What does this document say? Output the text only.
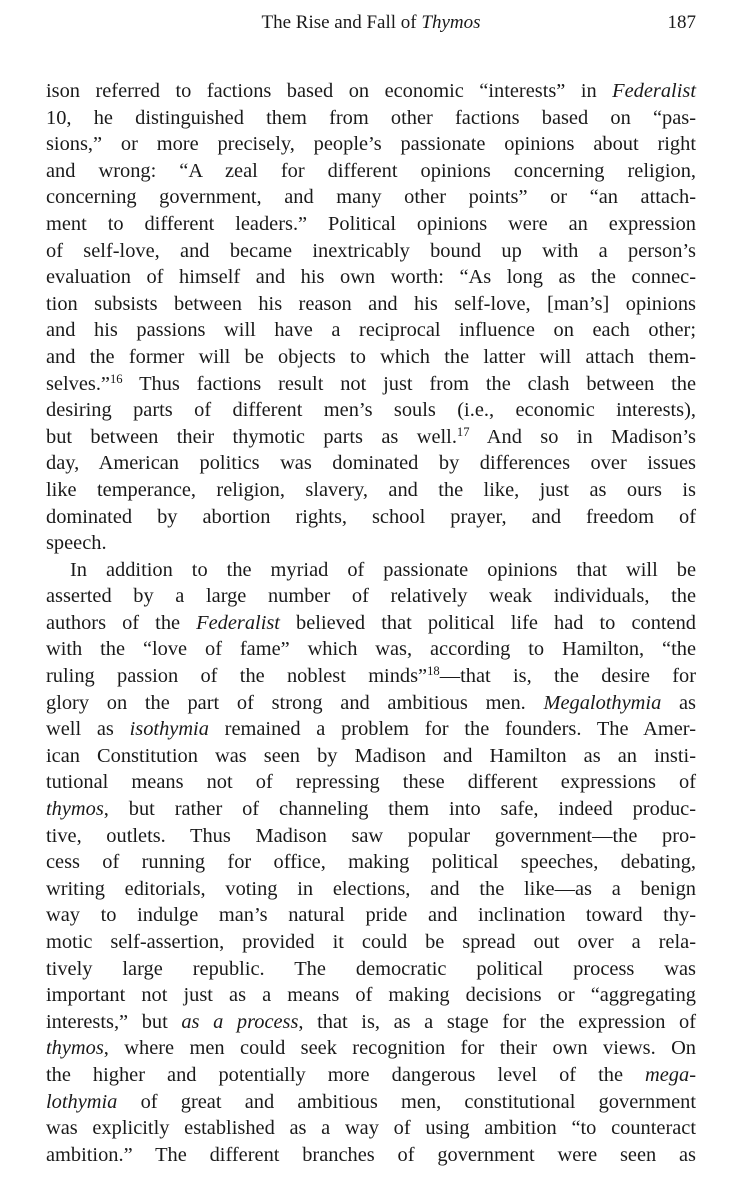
The Rise and Fall of Thymos	187
ison referred to factions based on economic “interests” in Federalist
10, he distinguished them from other factions based on “pas-
sions,” or more precisely, people’s passionate opinions about right
and wrong: “A zeal for different opinions concerning religion,
concerning government, and many other points” or “an attach-
ment to different leaders.” Political opinions were an expression
of self-love, and became inextricably bound up with a person’s
evaluation of himself and his own worth: “As long as the connec-
tion subsists between his reason and his self-love, [man’s] opinions
and his passions will have a reciprocal influence on each other;
and the former will be objects to which the latter will attach them-
selves.”$^{16}$ Thus factions result not just from the clash between the
desiring parts of different men’s souls (i.e., economic interests),
but between their thymotic parts as well.$^{17}$ And so in Madison’s
day, American politics was dominated by differences over issues
like temperance, religion, slavery, and the like, just as ours is
dominated by abortion rights, school prayer, and freedom of
speech.
In addition to the myriad of passionate opinions that will be
asserted by a large number of relatively weak individuals, the
authors of the Federalist believed that political life had to contend
with the “love of fame” which was, according to Hamilton, “the
ruling passion of the noblest minds”$^{18}$—that is, the desire for
glory on the part of strong and ambitious men. Megalothymia as
well as isothymia remained a problem for the founders. The Amer-
ican Constitution was seen by Madison and Hamilton as an insti-
tutional means not of repressing these different expressions of
thymos, but rather of channeling them into safe, indeed produc-
tive, outlets. Thus Madison saw popular government—the pro-
cess of running for office, making political speeches, debating,
writing editorials, voting in elections, and the like—as a benign
way to indulge man’s natural pride and inclination toward thy-
motic self-assertion, provided it could be spread out over a rela-
tively large republic. The democratic political process was
important not just as a means of making decisions or “aggregating
interests,” but as a process, that is, as a stage for the expression of
thymos, where men could seek recognition for their own views. On
the higher and potentially more dangerous level of the mega-
lothymia of great and ambitious men, constitutional government
was explicitly established as a way of using ambition “to counteract
ambition.” The different branches of government were seen as
